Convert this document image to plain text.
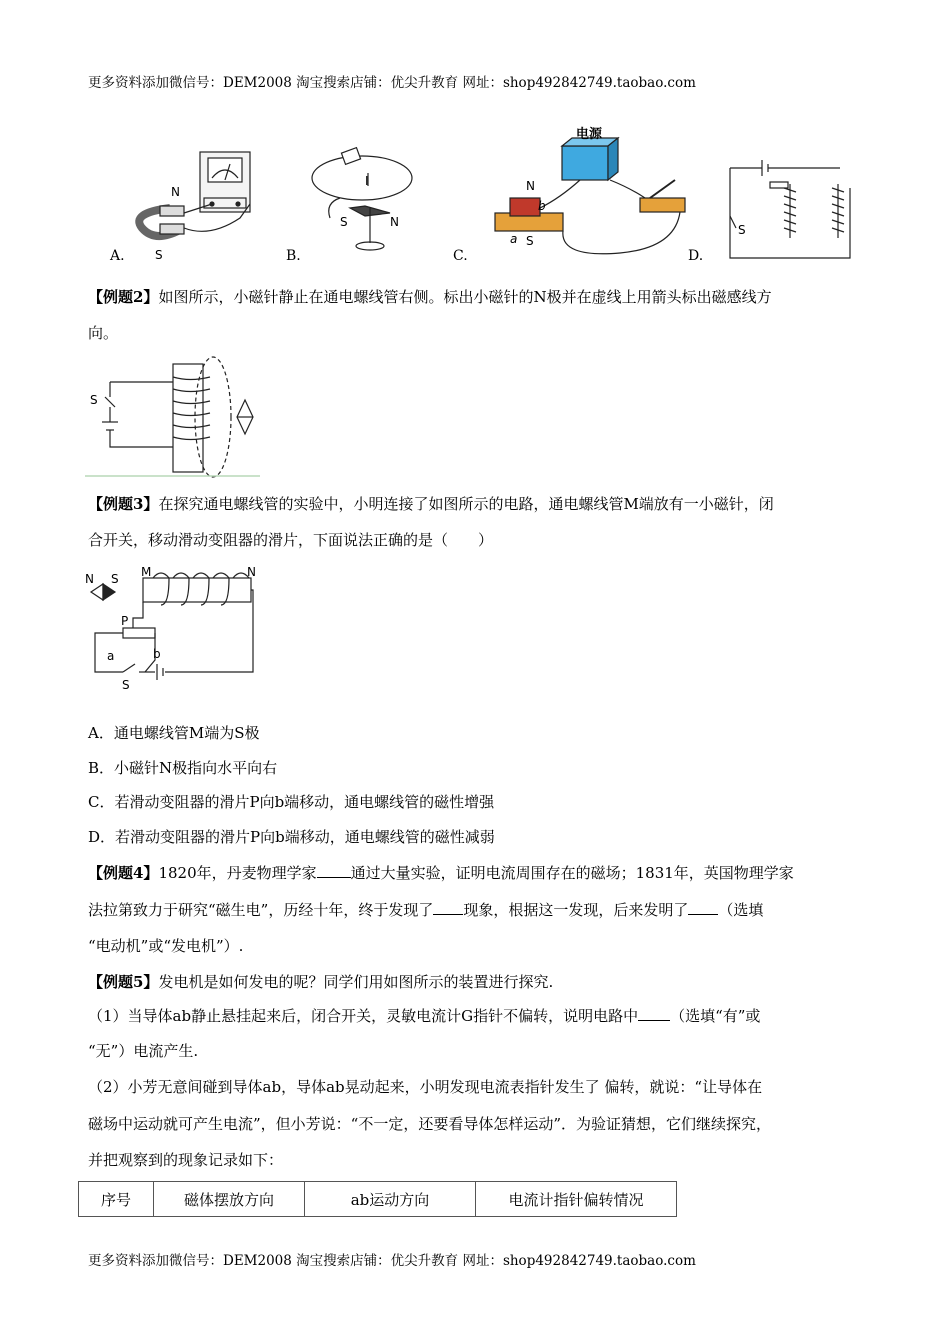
更多资料添加微信号：DEM2008 淘宝搜索店铺：优尖升教育 网址：shop492842749.taobao.com
N
S
I
S	N
电源
N
S
a
b
S
A.	B.	C.	D.
【例题2】如图所示，小磁针静止在通电螺线管右侧。标出小磁针的N极并在虚线上用箭头标出磁感线方
向。
S
【例题3】在探究通电螺线管的实验中，小明连接了如图所示的电路，通电螺线管M端放有一小磁针，闭
合开关，移动滑动变阻器的滑片，下面说法正确的是（　　）
N S M	N
P
a	b
S
A．通电螺线管M端为S极
B．小磁针N极指向水平向右
C．若滑动变阻器的滑片P向b端移动，通电螺线管的磁性增强
D．若滑动变阻器的滑片P向b端移动，通电螺线管的磁性减弱
【例题4】1820年，丹麦物理学家 通过大量实验，证明电流周围存在的磁场；1831年，英国物理学家
法拉第致力于研究“磁生电”，历经十年，终于发现了 现象，根据这一发现，后来发明了 （选填
“电动机”或“发电机”）.
【例题5】发电机是如何发电的呢？同学们用如图所示的装置进行探究.
（1）当导体ab静止悬挂起来后，闭合开关，灵敏电流计G指针不偏转，说明电路中 （选填“有”或
“无”）电流产生.
（2）小芳无意间碰到导体ab，导体ab晃动起来，小明发现电流表指针发生了 偏转，就说：“让导体在
磁场中运动就可产生电流”，但小芳说：“不一定，还要看导体怎样运动”．为验证猜想，它们继续探究，
并把观察到的现象记录如下：
序号	磁体摆放方向	ab运动方向	电流计指针偏转情况
更多资料添加微信号：DEM2008 淘宝搜索店铺：优尖升教育 网址：shop492842749.taobao.com
